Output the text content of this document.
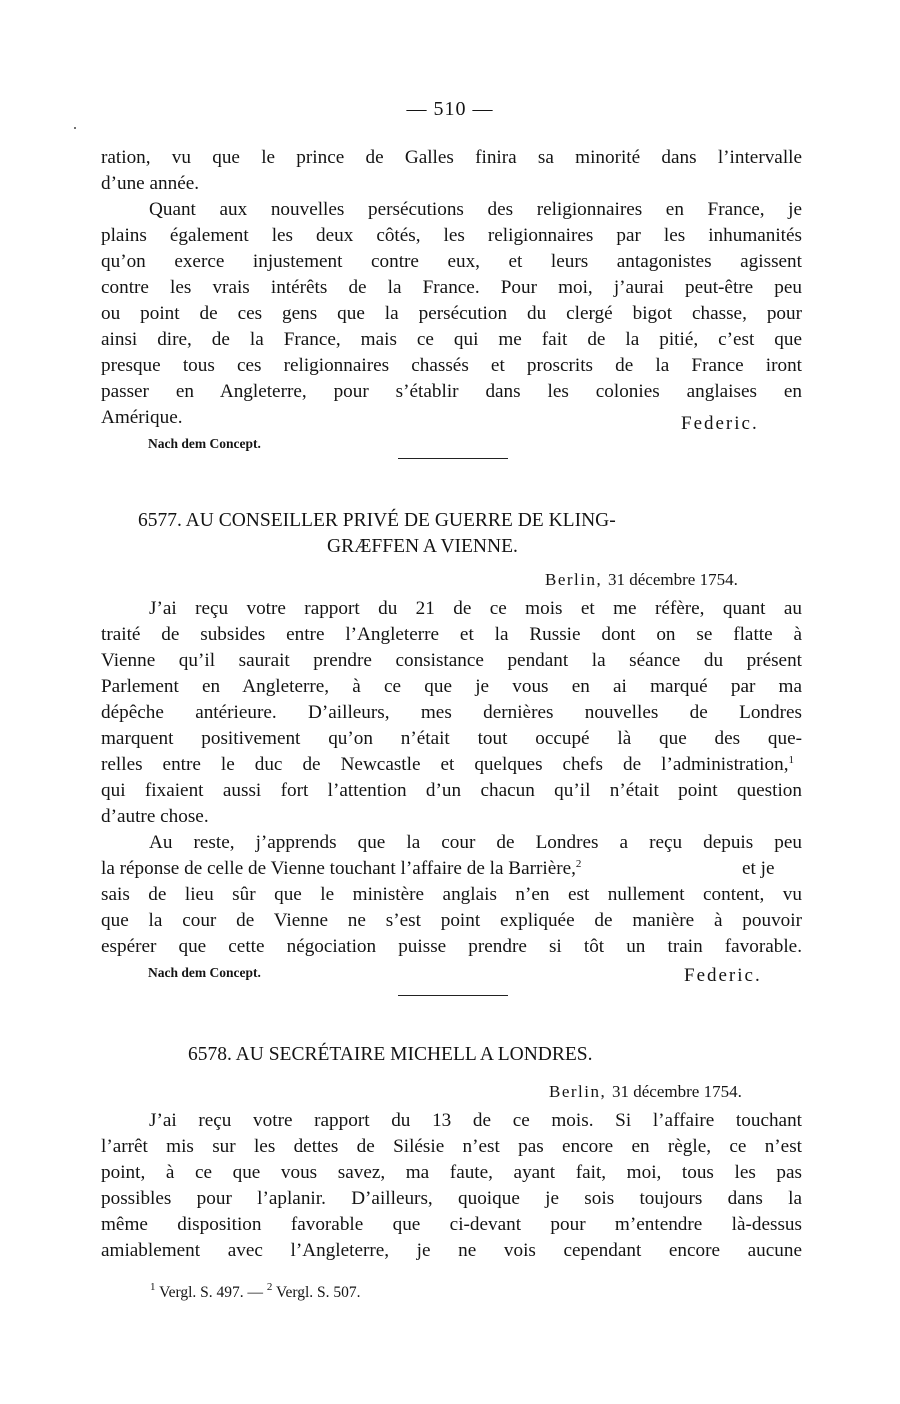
— 510 —
ration, vu que le prince de Galles finira sa minorité dans l’intervalle
d’une année.
Quant aux nouvelles persécutions des religionnaires en France, je
plains également les deux côtés, les religionnaires par les inhumanités
qu’on exerce injustement contre eux, et leurs antagonistes agissent
contre les vrais intérêts de la France. Pour moi, j’aurai peut-être peu
ou point de ces gens que la persécution du clergé bigot chasse, pour
ainsi dire, de la France, mais ce qui me fait de la pitié, c’est que
presque tous ces religionnaires chassés et proscrits de la France iront
passer en Angleterre, pour s’établir dans les colonies anglaises en
Amérique.	Federic.
Nach dem Concept.
6577. AU CONSEILLER PRIVÉ DE GUERRE DE KLING-
GRÆFFEN A VIENNE.
Berlin, 31 décembre 1754.
J’ai reçu votre rapport du 21 de ce mois et me réfère, quant au
traité de subsides entre l’Angleterre et la Russie dont on se flatte à
Vienne qu’il saurait prendre consistance pendant la séance du présent
Parlement en Angleterre, à ce que je vous en ai marqué par ma
dépêche antérieure. D’ailleurs, mes dernières nouvelles de Londres
marquent positivement qu’on n’était tout occupé là que des que-
relles entre le duc de Newcastle et quelques chefs de l’administration,$^1$
qui fixaient aussi fort l’attention d’un chacun qu’il n’était point question
d’autre chose.
Au reste, j’apprends que la cour de Londres a reçu depuis peu
la réponse de celle de Vienne touchant l’affaire de la Barrière,$^2$	et je
sais de lieu sûr que le ministère anglais n’en est nullement content, vu
que la cour de Vienne ne s’est point expliquée de manière à pouvoir
espérer que cette négociation puisse prendre si tôt un train favorable.
Nach dem Concept.	Federic.
6578. AU SECRÉTAIRE MICHELL A LONDRES.
Berlin, 31 décembre 1754.
J’ai reçu votre rapport du 13 de ce mois. Si l’affaire touchant
l’arrêt mis sur les dettes de Silésie n’est pas encore en règle, ce n’est
point, à ce que vous savez, ma faute, ayant fait, moi, tous les pas
possibles pour l’aplanir. D’ailleurs, quoique je sois toujours dans la
même disposition favorable que ci-devant pour m’entendre là-dessus
amiablement avec l’Angleterre, je ne vois cependant encore aucune
$^1$ Vergl. S. 497. — $^2$ Vergl. S. 507.
